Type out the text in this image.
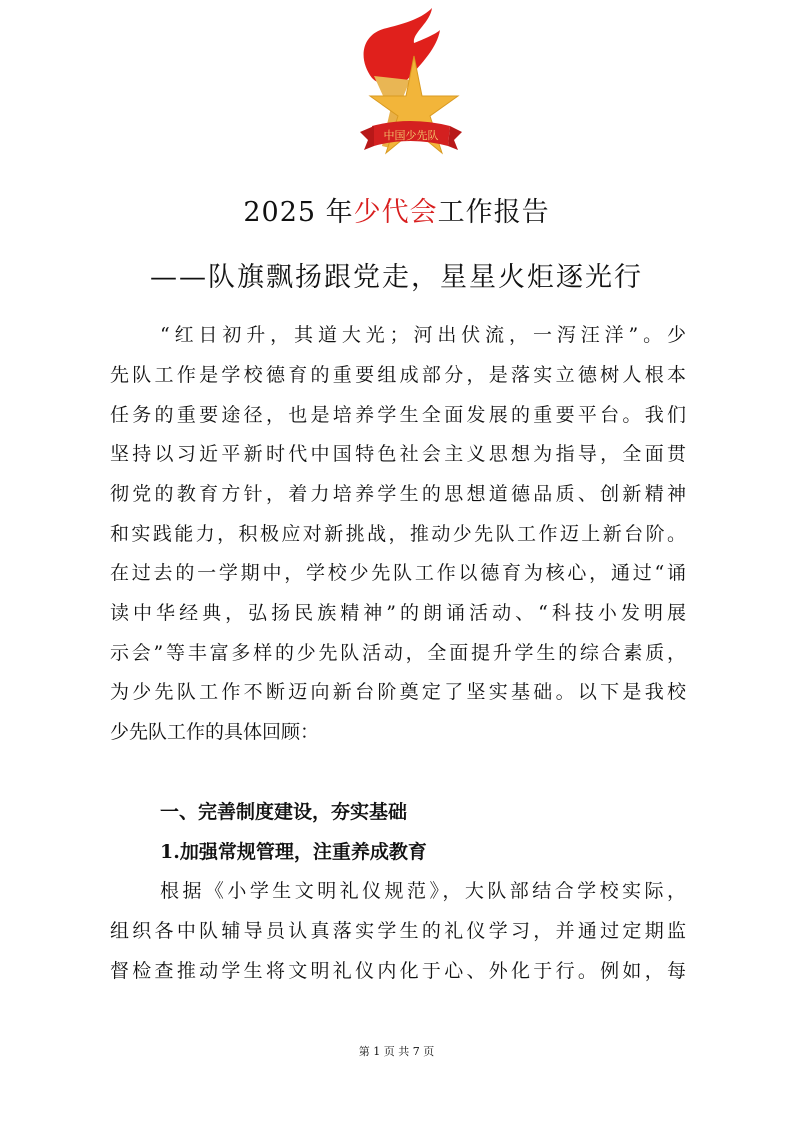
中国少先队
2025 年少代会工作报告
——队旗飘扬跟党走，星星火炬逐光行
“红日初升，其道大光；河出伏流，一泻汪洋”。少
先队工作是学校德育的重要组成部分，是落实立德树人根本
任务的重要途径，也是培养学生全面发展的重要平台。我们
坚持以习近平新时代中国特色社会主义思想为指导，全面贯
彻党的教育方针，着力培养学生的思想道德品质、创新精神
和实践能力，积极应对新挑战，推动少先队工作迈上新台阶。
在过去的一学期中，学校少先队工作以德育为核心，通过“诵
读中华经典，弘扬民族精神”的朗诵活动、“科技小发明展
示会”等丰富多样的少先队活动，全面提升学生的综合素质，
为少先队工作不断迈向新台阶奠定了坚实基础。以下是我校
少先队工作的具体回顾：
一、完善制度建设，夯实基础
1.加强常规管理，注重养成教育
根据《小学生文明礼仪规范》，大队部结合学校实际，
组织各中队辅导员认真落实学生的礼仪学习，并通过定期监
督检查推动学生将文明礼仪内化于心、外化于行。例如，每
第 1 页 共 7 页
